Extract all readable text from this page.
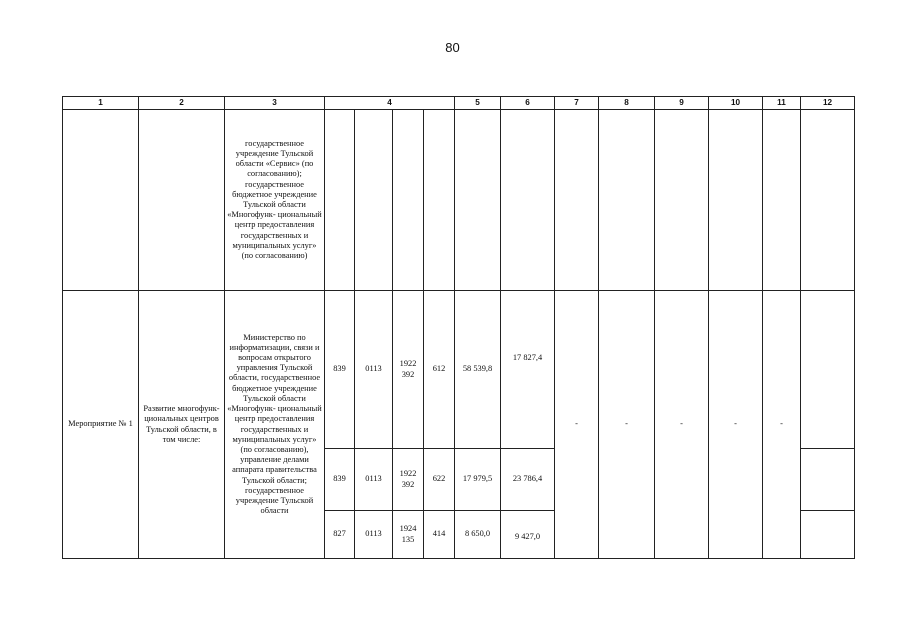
80
1	2	3	4				5	6	7	8	9	10	11	12
		государственное учреждение Тульской области «Сервис» (по согласованию); государственное бюджетное учреждение Тульской области «Многофунк- циональный центр предоставления государственных и муниципальных услуг» (по согласованию)												
Мероприятие № 1	Развитие многофунк- циональных центров Тульской области, в том числе:	Министерство по информатизации, связи и вопросам открытого управления Тульской области, государственное бюджетное учреждение Тульской области «Многофунк- циональный центр предоставления государственных и муниципальных услуг» (по согласованию), управление делами аппарата правительства Тульской области; государственное учреждение Тульской области	839	0113	1922 392	612	58 539,8	17 827,4	-	-	-	-	-	
			839	0113	1922 392	622	17 979,5	23 786,4						
			827	0113	1924 135	414	8 650,0	9 427,0						
